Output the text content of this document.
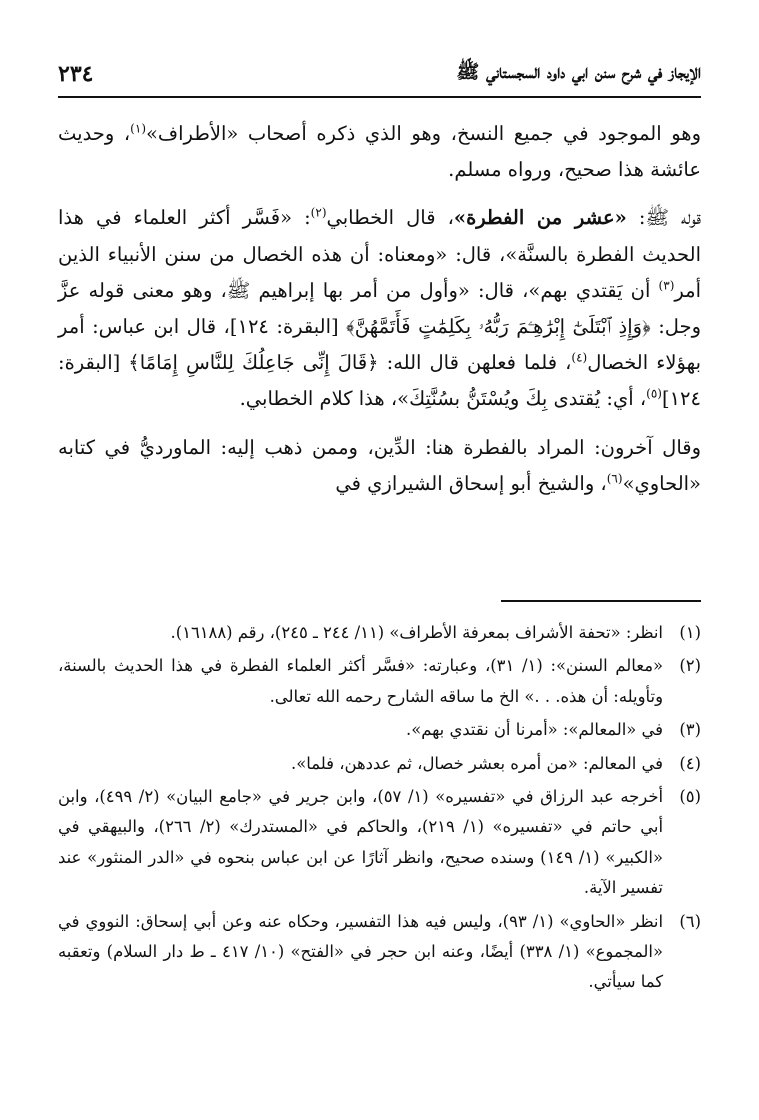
الإيجاز في شرح سنن ابي داود السجستاني ﷺ
٢٣٤

وهو الموجود في جميع النسخ، وهو الذي ذكره أصحاب «الأطراف»$^{(١)}$، وحديث عائشة هذا صحيح، ورواه مسلم.

قوله ﷺ: «عشر من الفطرة»، قال الخطابي$^{(٢)}$: «فَسَّر أكثر العلماء في هذا الحديث الفطرة بالسنَّة»، قال: «ومعناه: أن هذه الخصال من سنن الأنبياء الذين أمر$^{(٣)}$ أن يَقتدي بهم»، قال: «وأول من أمر بها إبراهيم ﷺ، وهو معنى قوله عزَّ وجل: ﴿وَإِذِ ٱبْتَلَىٰٓ إِبْرَٰهِـۧمَ رَبُّهُۥ بِكَلِمَٰتٍ فَأَتَمَّهُنَّ﴾ [البقرة: ١٢٤]، قال ابن عباس: أمر بهؤلاء الخصال$^{(٤)}$، فلما فعلهن قال الله: ﴿قَالَ إِنِّى جَاعِلُكَ لِلنَّاسِ إِمَامًا﴾ [البقرة: ١٢٤]$^{(٥)}$، أي: يُقتدى بِكَ ويُسْتَنُّ بسُنَّتِكَ»، هذا كلام الخطابي.

وقال آخرون: المراد بالفطرة هنا: الدِّين، وممن ذهب إليه: الماورديُّ في كتابه «الحاوي»$^{(٦)}$، والشيخ أبو إسحاق الشيرازي في

(١)
انظر: «تحفة الأشراف بمعرفة الأطراف» (١١/ ٢٤٤ ـ ٢٤٥)، رقم (١٦١٨٨).
(٢)
«معالم السنن»: (١/ ٣١)، وعبارته: «فسَّر أكثر العلماء الفطرة في هذا الحديث بالسنة، وتأويله: أن هذه. . .» الخ ما ساقه الشارح رحمه الله تعالى.
(٣)
في «المعالم»: «أمرنا أن نقتدي بهم».
(٤)
في المعالم: «من أمره بعشر خصال، ثم عددهن، فلما».
(٥)
أخرجه عبد الرزاق في «تفسيره» (١/ ٥٧)، وابن جرير في «جامع البيان» (٢/ ٤٩٩)، وابن أبي حاتم في «تفسيره» (١/ ٢١٩)، والحاكم في «المستدرك» (٢/ ٢٦٦)، والبيهقي في «الكبير» (١/ ١٤٩) وسنده صحيح، وانظر آثارًا عن ابن عباس بنحوه في «الدر المنثور» عند تفسير الآية.
(٦)
انظر «الحاوي» (١/ ٩٣)، وليس فيه هذا التفسير، وحكاه عنه وعن أبي إسحاق: النووي في «المجموع» (١/ ٣٣٨) أيضًا، وعنه ابن حجر في «الفتح» (١٠/ ٤١٧ ـ ط دار السلام) وتعقبه كما سيأتي.
